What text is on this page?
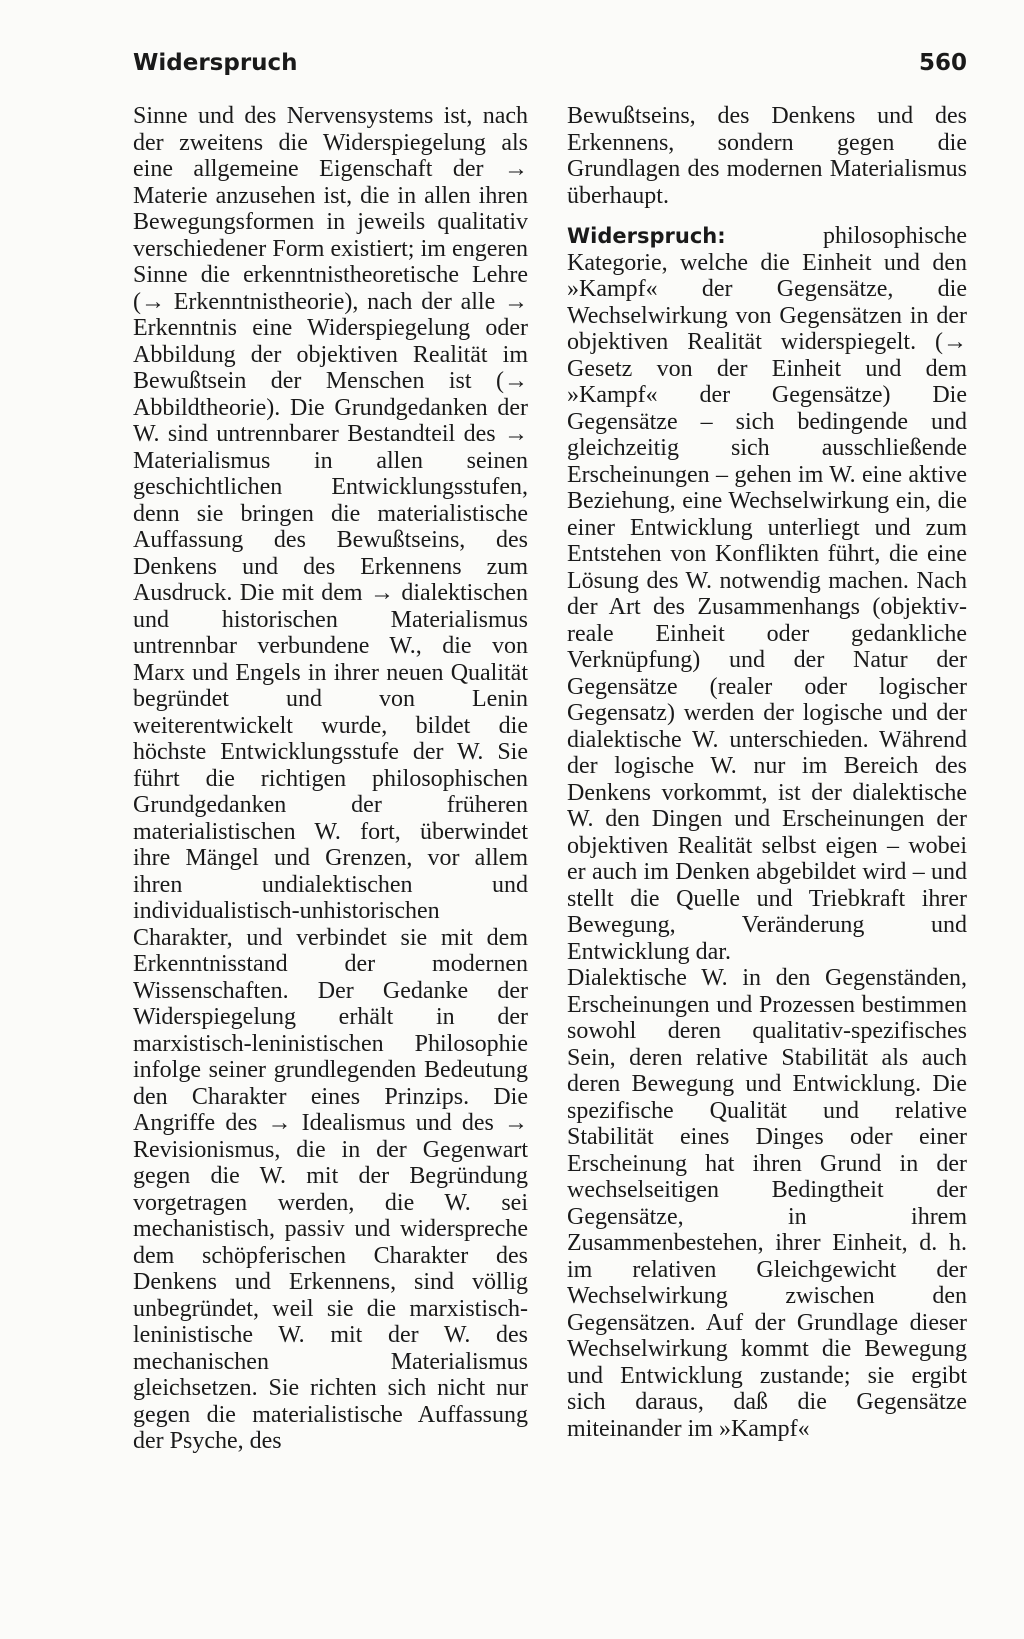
Widerspruch	560

Sinne und des Nervensystems ist, nach der zweitens die Widerspiegelung als eine allgemeine Eigenschaft der → Materie anzusehen ist, die in allen ihren Bewegungsformen in jeweils qualitativ verschiedener Form existiert; im engeren Sinne die erkenntnistheoretische Lehre (→ Erkenntnistheorie), nach der alle → Erkenntnis eine Widerspiegelung oder Abbildung der objektiven Realität im Bewußtsein der Menschen ist (→ Abbildtheorie). Die Grundgedanken der W. sind untrennbarer Bestandteil des → Materialismus in allen seinen geschichtlichen Entwicklungsstufen, denn sie bringen die materialistische Auffassung des Bewußtseins, des Denkens und des Erkennens zum Ausdruck. Die mit dem → dialektischen und historischen Materialismus untrennbar verbundene W., die von Marx und Engels in ihrer neuen Qualität begründet und von Lenin weiterentwickelt wurde, bildet die höchste Entwicklungsstufe der W. Sie führt die richtigen philosophischen Grundgedanken der früheren materialistischen W. fort, überwindet ihre Mängel und Grenzen, vor allem ihren undialektischen und individualistisch-unhistorischen Charakter, und verbindet sie mit dem Erkenntnisstand der modernen Wissenschaften. Der Gedanke der Widerspiegelung erhält in der marxistisch-leninistischen Philosophie infolge seiner grundlegenden Bedeutung den Charakter eines Prinzips. Die Angriffe des → Idealismus und des → Revisionismus, die in der Gegenwart gegen die W. mit der Begründung vorgetragen werden, die W. sei mechanistisch, passiv und widerspreche dem schöpferischen Charakter des Denkens und Erkennens, sind völlig unbegründet, weil sie die marxistisch-leninistische W. mit der W. des mechanischen Materialismus gleichsetzen. Sie richten sich nicht nur gegen die materialistische Auffassung der Psyche, des

Bewußtseins, des Denkens und des Erkennens, sondern gegen die Grundlagen des modernen Materialismus überhaupt.

Widerspruch: philosophische Kategorie, welche die Einheit und den »Kampf« der Gegensätze, die Wechselwirkung von Gegensätzen in der objektiven Realität widerspiegelt. (→ Gesetz von der Einheit und dem »Kampf« der Gegensätze) Die Gegensätze – sich bedingende und gleichzeitig sich ausschließende Erscheinungen – gehen im W. eine aktive Beziehung, eine Wechselwirkung ein, die einer Entwicklung unterliegt und zum Entstehen von Konflikten führt, die eine Lösung des W. notwendig machen. Nach der Art des Zusammenhangs (objektiv-reale Einheit oder gedankliche Verknüpfung) und der Natur der Gegensätze (realer oder logischer Gegensatz) werden der logische und der dialektische W. unterschieden. Während der logische W. nur im Bereich des Denkens vorkommt, ist der dialektische W. den Dingen und Erscheinungen der objektiven Realität selbst eigen – wobei er auch im Denken abgebildet wird – und stellt die Quelle und Triebkraft ihrer Bewegung, Veränderung und Entwicklung dar.

Dialektische W. in den Gegenständen, Erscheinungen und Prozessen bestimmen sowohl deren qualitativ-spezifisches Sein, deren relative Stabilität als auch deren Bewegung und Entwicklung. Die spezifische Qualität und relative Stabilität eines Dinges oder einer Erscheinung hat ihren Grund in der wechselseitigen Bedingtheit der Gegensätze, in ihrem Zusammenbestehen, ihrer Einheit, d. h. im relativen Gleichgewicht der Wechselwirkung zwischen den Gegensätzen. Auf der Grundlage dieser Wechselwirkung kommt die Bewegung und Entwicklung zustande; sie ergibt sich daraus, daß die Gegensätze miteinander im »Kampf«
